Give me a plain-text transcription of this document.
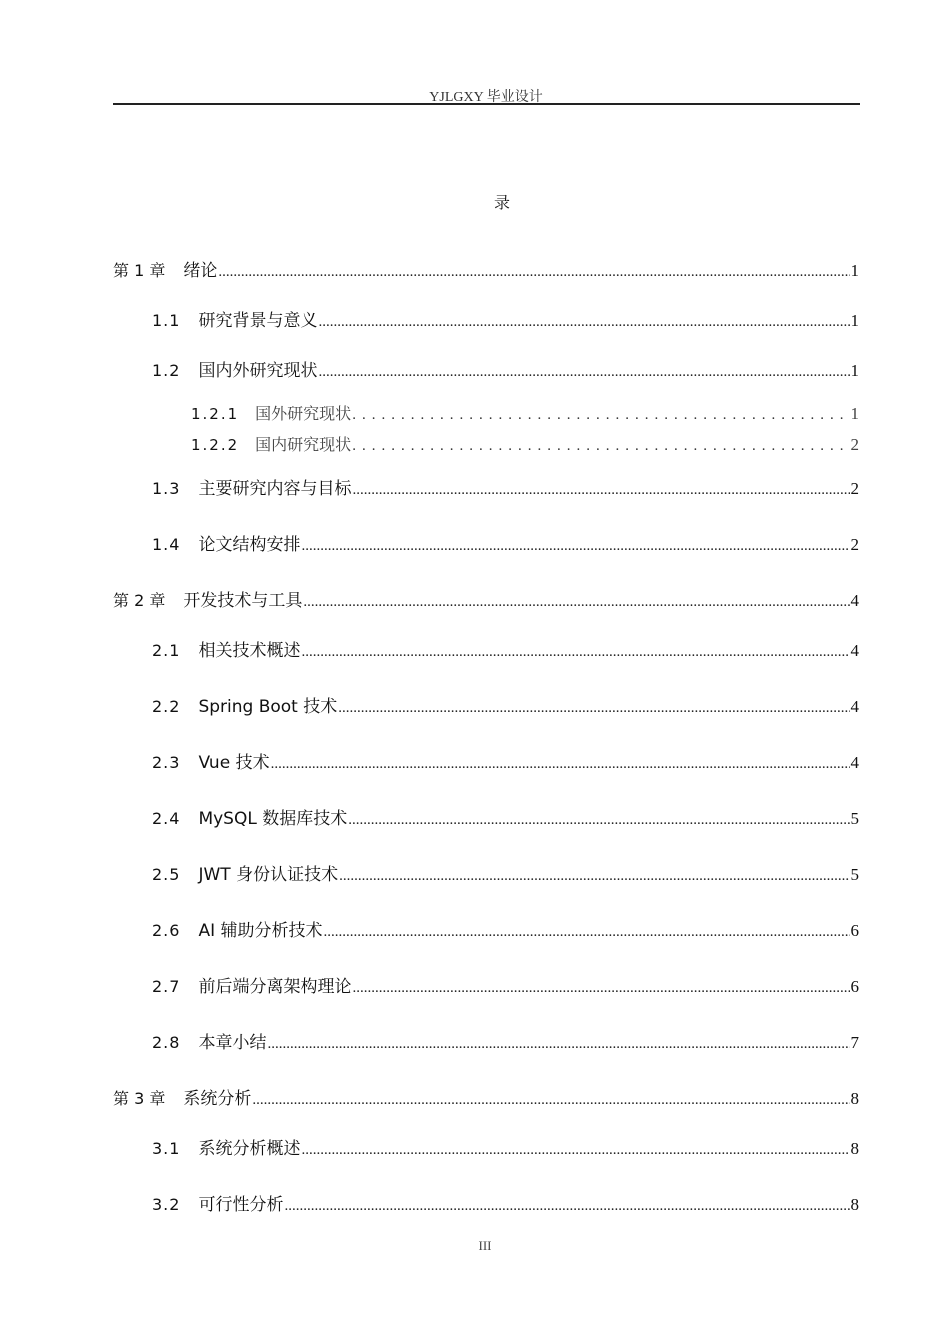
YJLGXY 毕业设计
录
第 1 章 绪论 .....	1
1.1 研究背景与意义 .....	1
1.2 国内外研究现状 .....	1
1.2.1 国外研究现状 .....	1
1.2.2 国内研究现状 .....	2
1.3 主要研究内容与目标 .....	2
1.4 论文结构安排 .....	2
第 2 章 开发技术与工具 .....	4
2.1 相关技术概述 .....	4
2.2 Spring Boot 技术 .....	4
2.3 Vue 技术 .....	4
2.4 MySQL 数据库技术 .....	5
2.5 JWT 身份认证技术 .....	5
2.6 AI 辅助分析技术 .....	6
2.7 前后端分离架构理论 .....	6
2.8 本章小结 .....	7
第 3 章 系统分析 .....	8
3.1 系统分析概述 .....	8
3.2 可行性分析 .....	8
III
